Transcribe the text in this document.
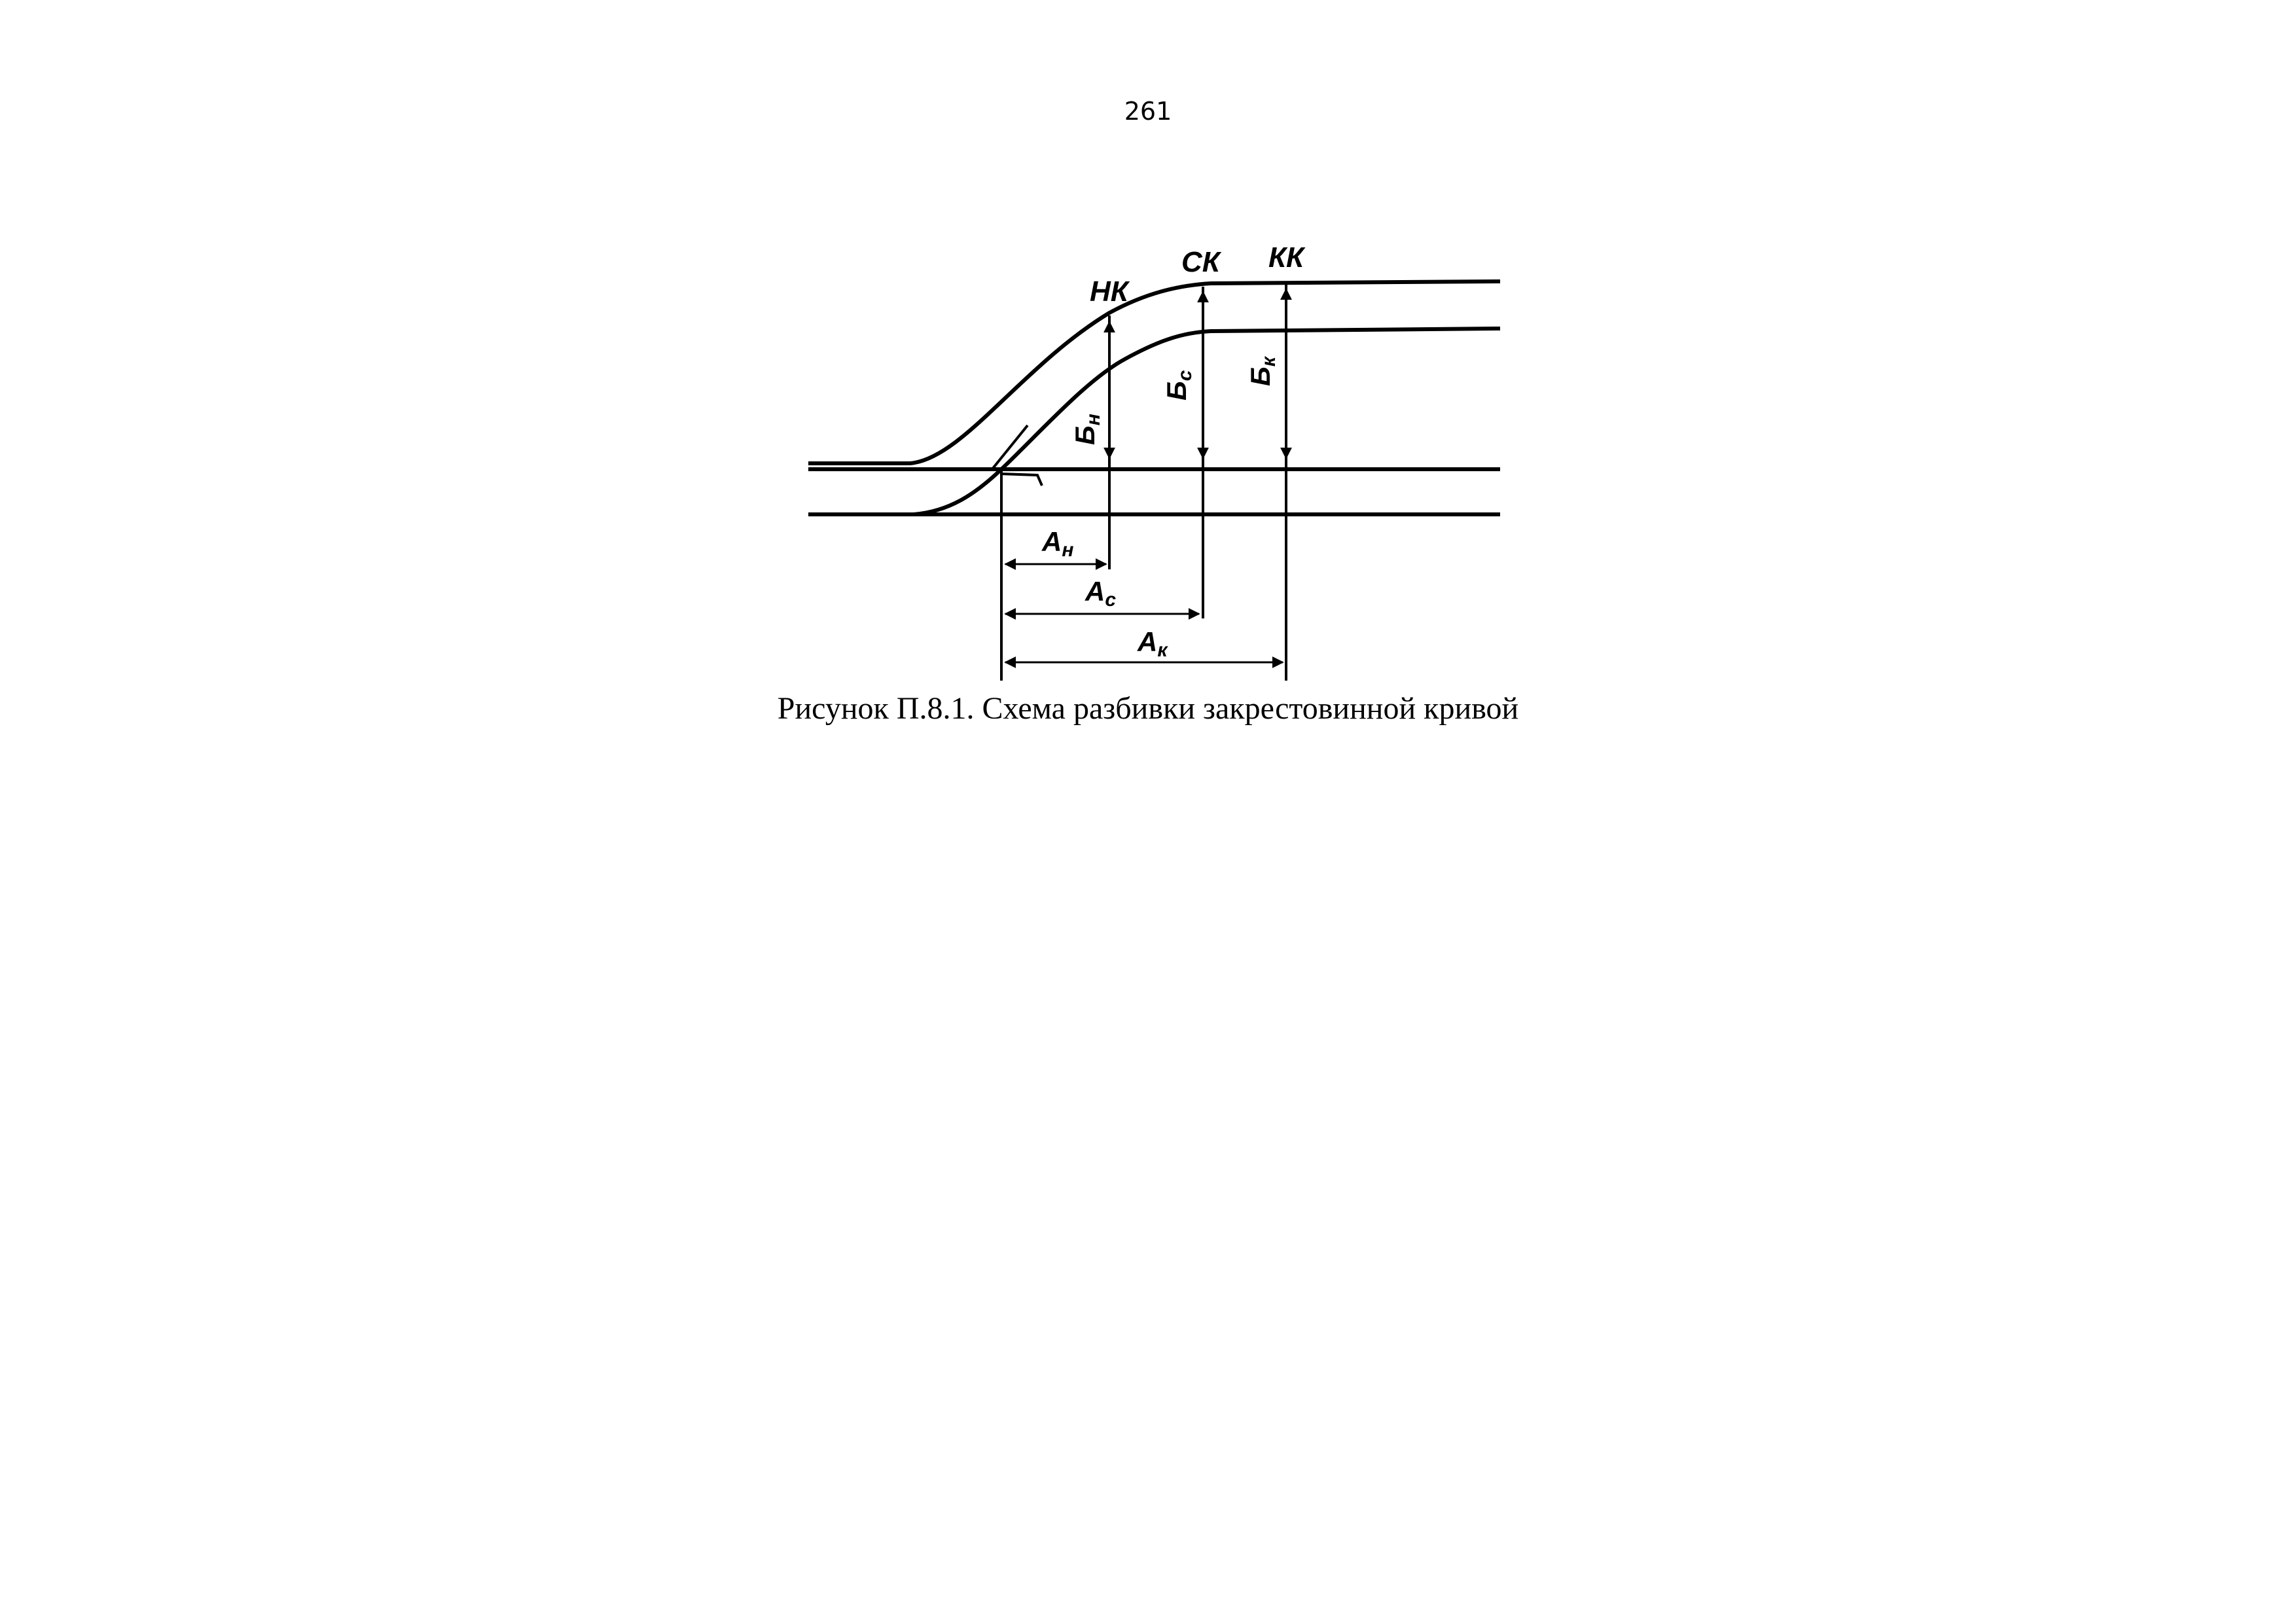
261
НК
СК КК
Бн
Бс Бк
Ан
Ас
Ак
Рисунок П.8.1. Схема разбивки закрестовинной кривой
